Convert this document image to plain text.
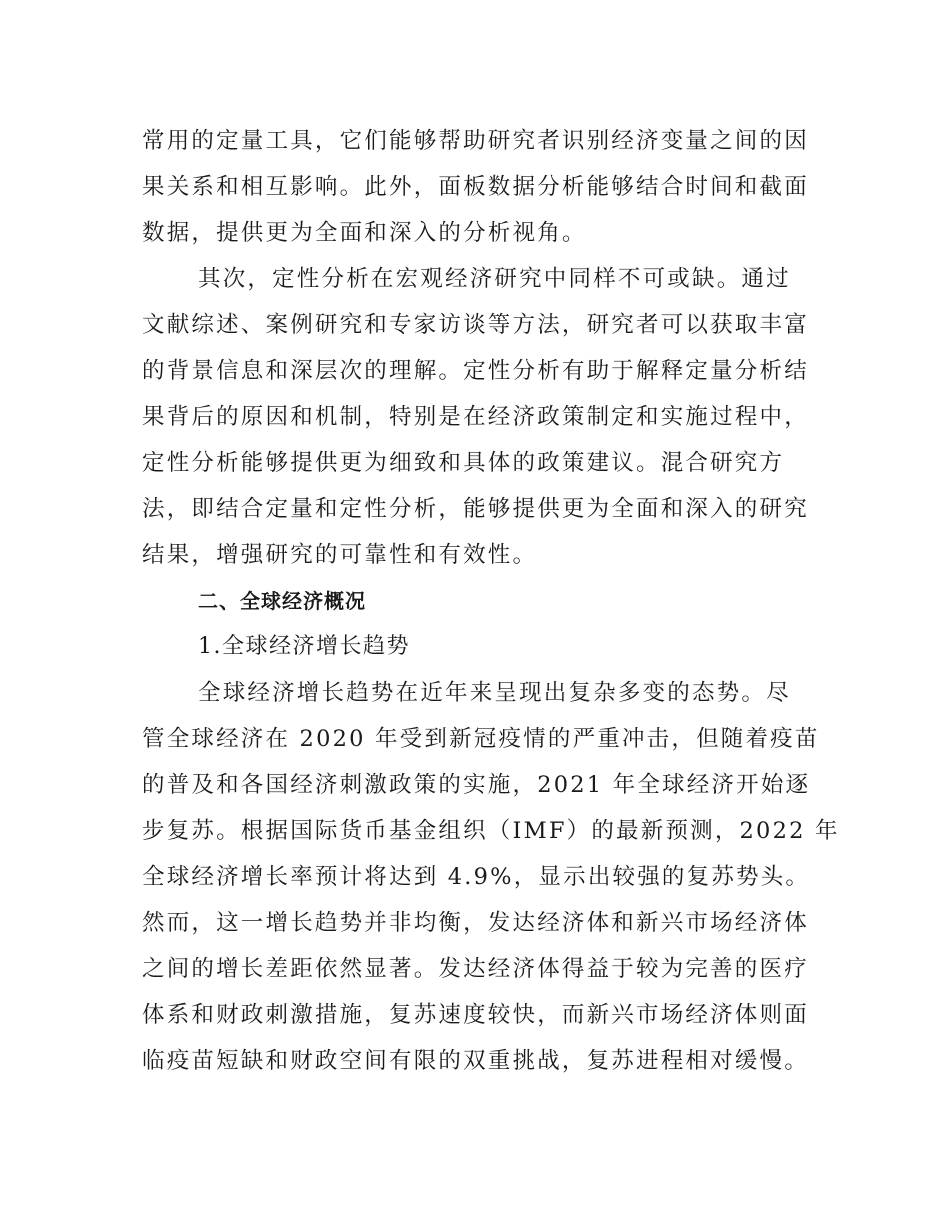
常用的定量工具，它们能够帮助研究者识别经济变量之间的因
果关系和相互影响。此外，面板数据分析能够结合时间和截面
数据，提供更为全面和深入的分析视角。
其次，定性分析在宏观经济研究中同样不可或缺。通过
文献综述、案例研究和专家访谈等方法，研究者可以获取丰富
的背景信息和深层次的理解。定性分析有助于解释定量分析结
果背后的原因和机制，特别是在经济政策制定和实施过程中，
定性分析能够提供更为细致和具体的政策建议。混合研究方
法，即结合定量和定性分析，能够提供更为全面和深入的研究
结果，增强研究的可靠性和有效性。
二、全球经济概况
1.全球经济增长趋势
全球经济增长趋势在近年来呈现出复杂多变的态势。尽
管全球经济在 2020 年受到新冠疫情的严重冲击，但随着疫苗
的普及和各国经济刺激政策的实施，2021 年全球经济开始逐
步复苏。根据国际货币基金组织（IMF）的最新预测，2022 年
全球经济增长率预计将达到 4.9%，显示出较强的复苏势头。
然而，这一增长趋势并非均衡，发达经济体和新兴市场经济体
之间的增长差距依然显著。发达经济体得益于较为完善的医疗
体系和财政刺激措施，复苏速度较快，而新兴市场经济体则面
临疫苗短缺和财政空间有限的双重挑战，复苏进程相对缓慢。
